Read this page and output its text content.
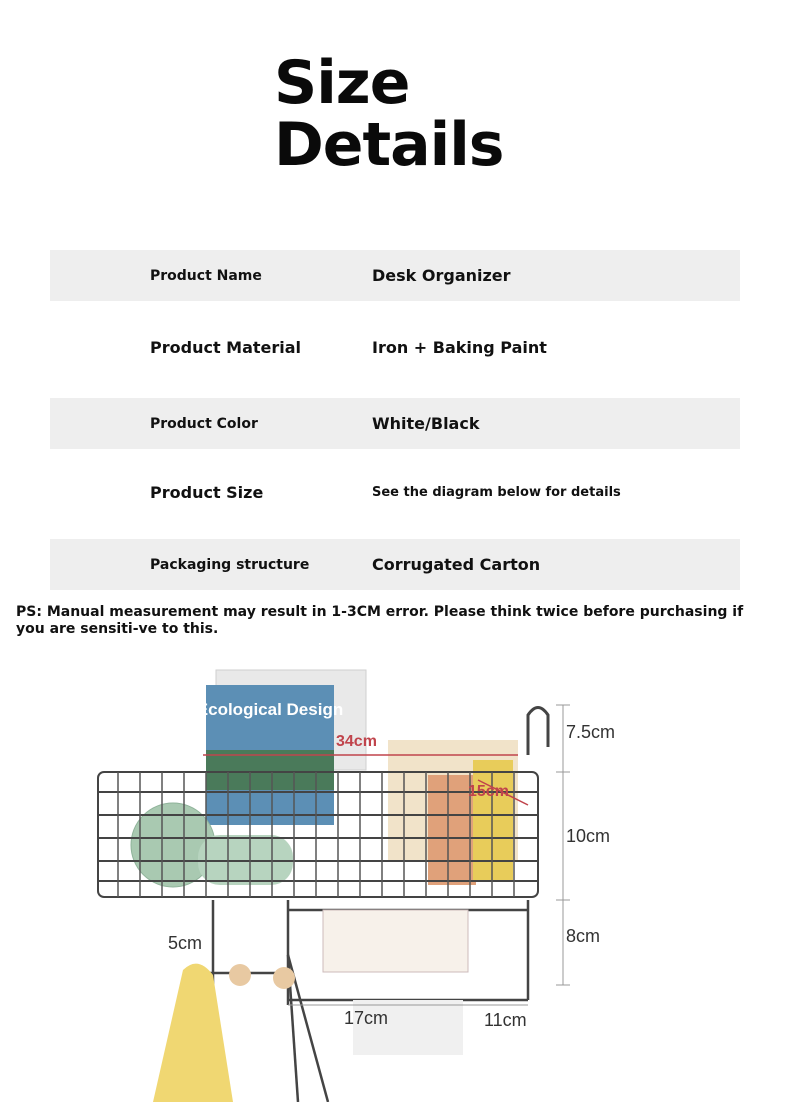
Size
Details
Product Name	Desk Organizer
Product Material	Iron + Baking Paint
Product Color	White/Black
Product Size	See the diagram below for details
Packaging structure	Corrugated Carton
PS: Manual measurement may result in 1-3CM error. Please think twice before purchasing if you are sensiti-ve to this.
Ecological Design
34cm
15cm
7.5cm
10cm
8cm
5cm
17cm	11cm
